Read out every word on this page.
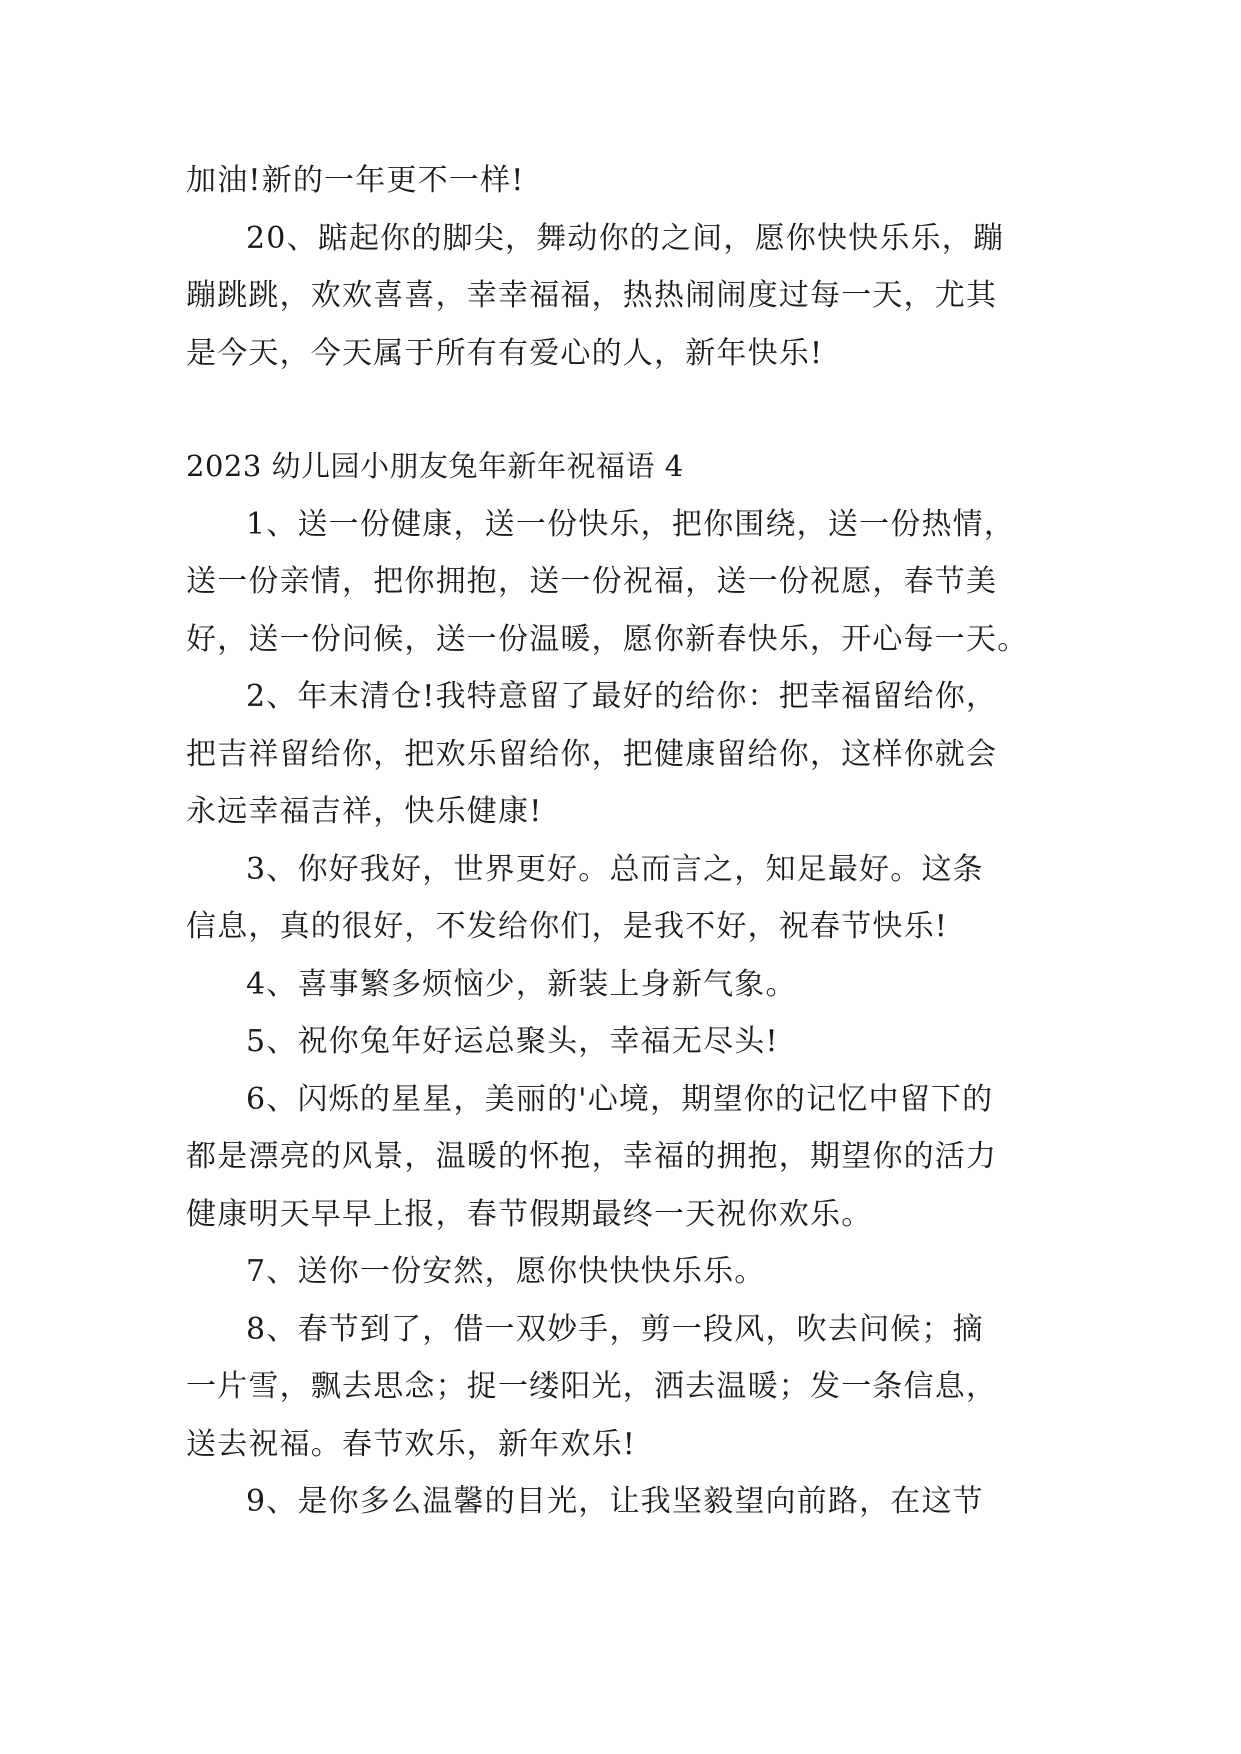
加油!新的一年更不一样!

20、踮起你的脚尖，舞动你的之间，愿你快快乐乐，蹦

蹦跳跳，欢欢喜喜，幸幸福福，热热闹闹度过每一天，尤其

是今天，今天属于所有有爱心的人，新年快乐!

2023 幼儿园小朋友兔年新年祝福语 4

1、送一份健康，送一份快乐，把你围绕，送一份热情，

送一份亲情，把你拥抱，送一份祝福，送一份祝愿，春节美

好，送一份问候，送一份温暖，愿你新春快乐，开心每一天。

2、年末清仓!我特意留了最好的给你：把幸福留给你，

把吉祥留给你，把欢乐留给你，把健康留给你，这样你就会

永远幸福吉祥，快乐健康!

3、你好我好，世界更好。总而言之，知足最好。这条

信息，真的很好，不发给你们，是我不好，祝春节快乐!

4、喜事繁多烦恼少，新装上身新气象。

5、祝你兔年好运总聚头，幸福无尽头!

6、闪烁的星星，美丽的'心境，期望你的记忆中留下的

都是漂亮的风景，温暖的怀抱，幸福的拥抱，期望你的活力

健康明天早早上报，春节假期最终一天祝你欢乐。

7、送你一份安然，愿你快快快乐乐。

8、春节到了，借一双妙手，剪一段风，吹去问候；摘

一片雪，飘去思念；捉一缕阳光，洒去温暖；发一条信息，

送去祝福。春节欢乐，新年欢乐!

9、是你多么温馨的目光，让我坚毅望向前路，在这节
